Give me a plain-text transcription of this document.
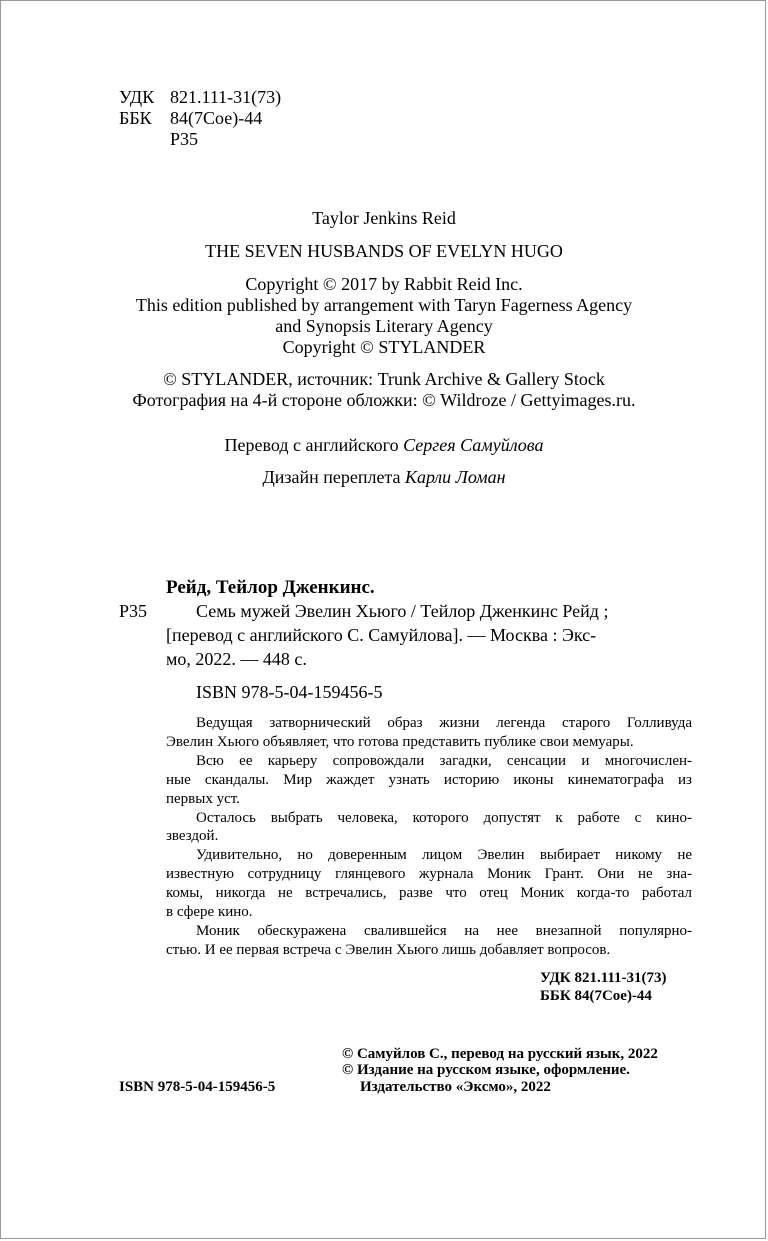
УДК 821.111-31(73)
ББК 84(7Сое)-44
Р35
Taylor Jenkins Reid
THE SEVEN HUSBANDS OF EVELYN HUGO
Copyright © 2017 by Rabbit Reid Inc.
This edition published by arrangement with Taryn Fagerness Agency
and Synopsis Literary Agency
Copyright © STYLANDER
© STYLANDER, источник: Trunk Archive & Gallery Stock
Фотография на 4-й стороне обложки: © Wildroze / Gettyimages.ru.
Перевод с английского Сергея Самуйлова
Дизайн переплета Карли Ломан
Рейд, Тейлор Дженкинс.
Р35	Семь мужей Эвелин Хьюго / Тейлор Дженкинс Рейд ;
[перевод с английского С. Самуйлова]. — Москва : Экс-
мо, 2022. — 448 с.
ISBN 978-5-04-159456-5

Ведущая затворнический образ жизни легенда старого Голливуда
Эвелин Хьюго объявляет, что готова представить публике свои мемуары.

Всю ее карьеру сопровождали загадки, сенсации и многочислен-
ные скандалы. Мир жаждет узнать историю иконы кинематографа из
первых уст.

Осталось выбрать человека, которого допустят к работе с кино-
звездой.

Удивительно, но доверенным лицом Эвелин выбирает никому не
известную сотрудницу глянцевого журнала Моник Грант. Они не зна-
комы, никогда не встречались, разве что отец Моник когда-то работал
в сфере кино.

Моник обескуражена свалившейся на нее внезапной популярно-
стью. И ее первая встреча с Эвелин Хьюго лишь добавляет вопросов.

УДК 821.111-31(73)
ББК 84(7Сое)-44
© Самуйлов С., перевод на русский язык, 2022
© Издание на русском языке, оформление.
ISBN 978-5-04-159456-5	Издательство «Эксмо», 2022
